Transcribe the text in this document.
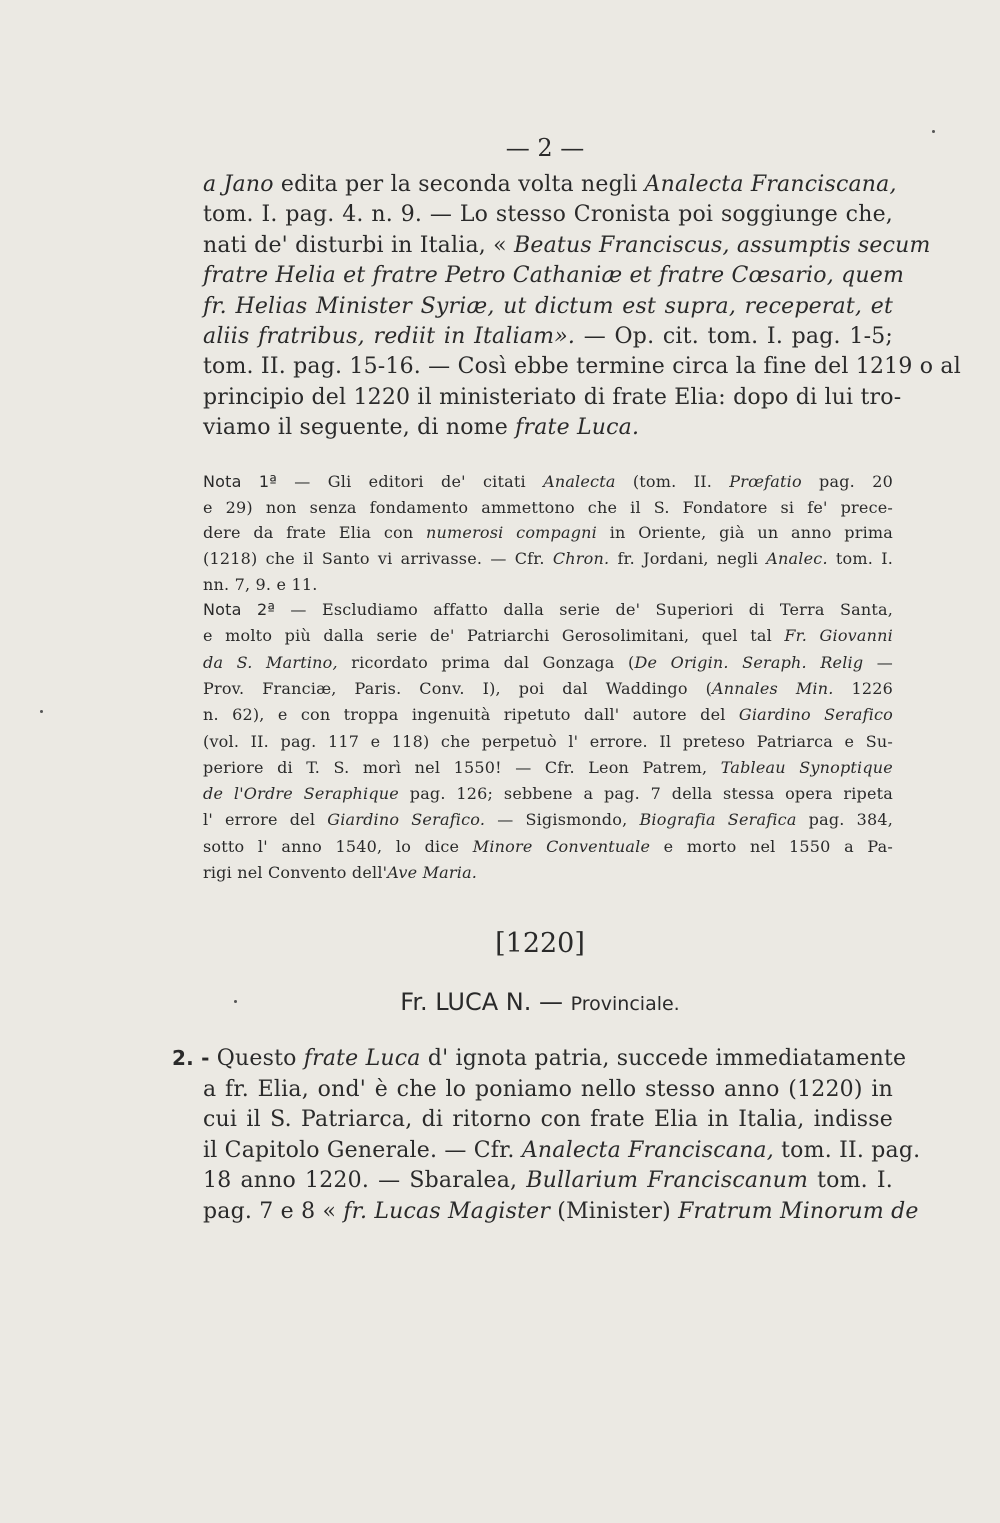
— 2 —
a Jano edita per la seconda volta negli Analecta Franciscana,
tom. I. pag. 4. n. 9. — Lo stesso Cronista poi soggiunge che,
nati de' disturbi in Italia, « Beatus Franciscus, assumptis secum
fratre Helia et fratre Petro Cathaniæ et fratre Cœsario, quem
fr. Helias Minister Syriæ, ut dictum est supra, receperat, et
aliis fratribus, rediit in Italiam». — Op. cit. tom. I. pag. 1-5;
tom. II. pag. 15-16. — Così ebbe termine circa la fine del 1219 o al
principio del 1220 il ministeriato di frate Elia: dopo di lui tro-
viamo il seguente, di nome frate Luca.
Nota 1ª — Gli editori de' citati Analecta (tom. II. Prœfatio pag. 20
e 29) non senza fondamento ammettono che il S. Fondatore si fe' prece-
dere da frate Elia con numerosi compagni in Oriente, già un anno prima
(1218) che il Santo vi arrivasse. — Cfr. Chron. fr. Jordani, negli Analec. tom. I.
nn. 7, 9. e 11.
Nota 2ª — Escludiamo affatto dalla serie de' Superiori di Terra Santa,
e molto più dalla serie de' Patriarchi Gerosolimitani, quel tal Fr. Giovanni
da S. Martino, ricordato prima dal Gonzaga (De Origin. Seraph. Relig —
Prov. Franciæ, Paris. Conv. I), poi dal Waddingo (Annales Min. 1226
n. 62), e con troppa ingenuità ripetuto dall' autore del Giardino Serafico
(vol. II. pag. 117 e 118) che perpetuò l' errore. Il preteso Patriarca e Su-
periore di T. S. morì nel 1550! — Cfr. Leon Patrem, Tableau Synoptique
de l'Ordre Seraphique pag. 126; sebbene a pag. 7 della stessa opera ripeta
l' errore del Giardino Serafico. — Sigismondo, Biografia Serafica pag. 384,
sotto l' anno 1540, lo dice Minore Conventuale e morto nel 1550 a Pa-
rigi nel Convento dell'Ave Maria.
[1220]
Fr. LUCA N. — Provinciale.
2. - Questo frate Luca d' ignota patria, succede immediatamente
a fr. Elia, ond' è che lo poniamo nello stesso anno (1220) in
cui il S. Patriarca, di ritorno con frate Elia in Italia, indisse
il Capitolo Generale. — Cfr. Analecta Franciscana, tom. II. pag.
18 anno 1220. — Sbaralea, Bullarium Franciscanum tom. I.
pag. 7 e 8 « fr. Lucas Magister (Minister) Fratrum Minorum de
